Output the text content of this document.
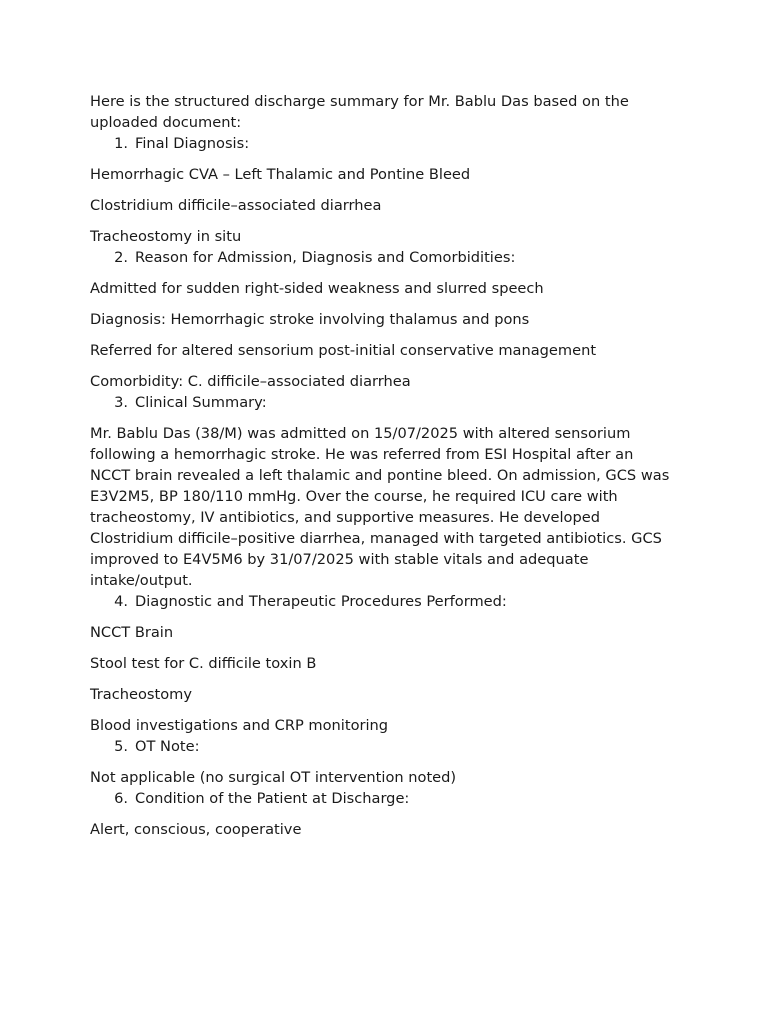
Here is the structured discharge summary for Mr. Bablu Das based on the uploaded document:

1. Final Diagnosis:

Hemorrhagic CVA – Left Thalamic and Pontine Bleed

Clostridium difficile–associated diarrhea

Tracheostomy in situ

2. Reason for Admission, Diagnosis and Comorbidities:

Admitted for sudden right-sided weakness and slurred speech

Diagnosis: Hemorrhagic stroke involving thalamus and pons

Referred for altered sensorium post-initial conservative management

Comorbidity: C. difficile–associated diarrhea

3. Clinical Summary:

Mr. Bablu Das (38/M) was admitted on 15/07/2025 with altered sensorium following a hemorrhagic stroke. He was referred from ESI Hospital after an NCCT brain revealed a left thalamic and pontine bleed. On admission, GCS was E3V2M5, BP 180/110 mmHg. Over the course, he required ICU care with tracheostomy, IV antibiotics, and supportive measures. He developed Clostridium difficile–positive diarrhea, managed with targeted antibiotics. GCS improved to E4V5M6 by 31/07/2025 with stable vitals and adequate intake/output.

4. Diagnostic and Therapeutic Procedures Performed:

NCCT Brain

Stool test for C. difficile toxin B

Tracheostomy

Blood investigations and CRP monitoring

5. OT Note:

Not applicable (no surgical OT intervention noted)

6. Condition of the Patient at Discharge:

Alert, conscious, cooperative
